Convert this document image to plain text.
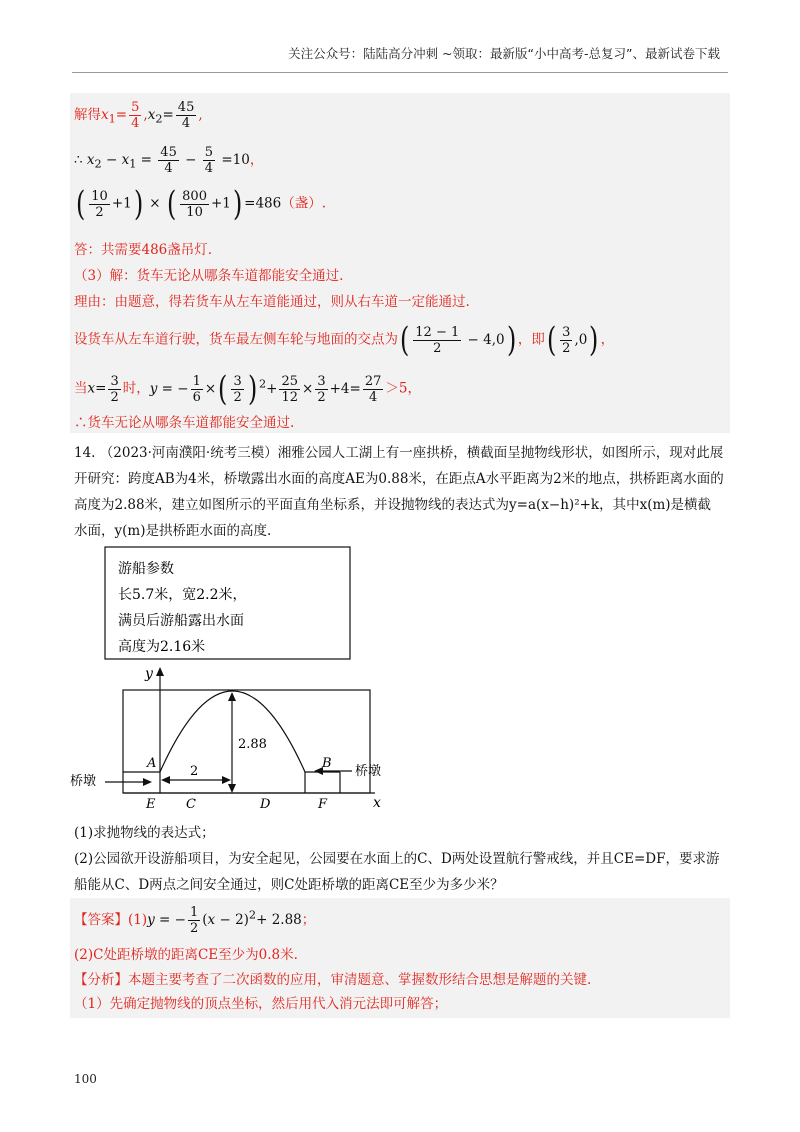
关注公众号：陆陆高分冲刺 ~领取：最新版“小中高考-总复习”、最新试卷下载
解得$x_1= \frac{5}{4} ,x_2= \frac{45}{4}$ ,
∴ $x_2 - x_1 = \frac{45}{4} - \frac{5}{4} =10$，
( $\frac{10}{2} +1$) × ( $\frac{800}{10} +1) =486$（盏）.
答：共需要486盏吊灯.
（3）解：货车无论从哪条车道都能安全通过.
理由：由题意，得若货车从左车道能通过，则从右车道一定能通过.
设货车从左车道行驶，货车最左侧车轮与地面的交点为( $\frac{12 - 1}{2} - 4,0$) ，即( $\frac{3}{2} ,0$) ，
当$x= \frac{3}{2}$ 时，y = − $\frac{1}{6}$ ×( $\frac{3}{2}$ ) $^2+ \frac{25}{12} \times \frac{3}{2} +4= \frac{27}{4} >5$，
∴货车无论从哪条车道都能安全通过.
14. （2023·河南濮阳·统考三模）湘雅公园人工湖上有一座拱桥，横截面呈抛物线形状，如图所示，现对此展开研究：跨度AB为4米，桥墩露出水面的高度AE为0.88米，在距点A水平距离为2米的地点，拱桥距离水面的高度为2.88米，建立如图所示的平面直角坐标系，并设抛物线的表达式为y=a(x−h)²+k，其中x(m)是横截水面，y(m)是拱桥距水面的高度.
游船参数
长5.7米，宽2.2米，
满员后游船露出水面
高度为2.16米
y
x
2.88
2
桥墩
桥墩
A	B
E C	D	F
(1)求抛物线的表达式；
(2)公园欲开设游船项目，为安全起见，公园要在水面上的C、D两处设置航行警戒线，并且CE=DF，要求游船能从C、D两点之间安全通过，则C处距桥墩的距离CE至少为多少米？
【答案】(1)y = − $\frac{1}{2} (x - 2)^2+ 2.88$；
(2)C处距桥墩的距离CE至少为0.8米.
【分析】本题主要考查了二次函数的应用，审清题意、掌握数形结合思想是解题的关键.
（1）先确定抛物线的顶点坐标，然后用代入消元法即可解答；
100
